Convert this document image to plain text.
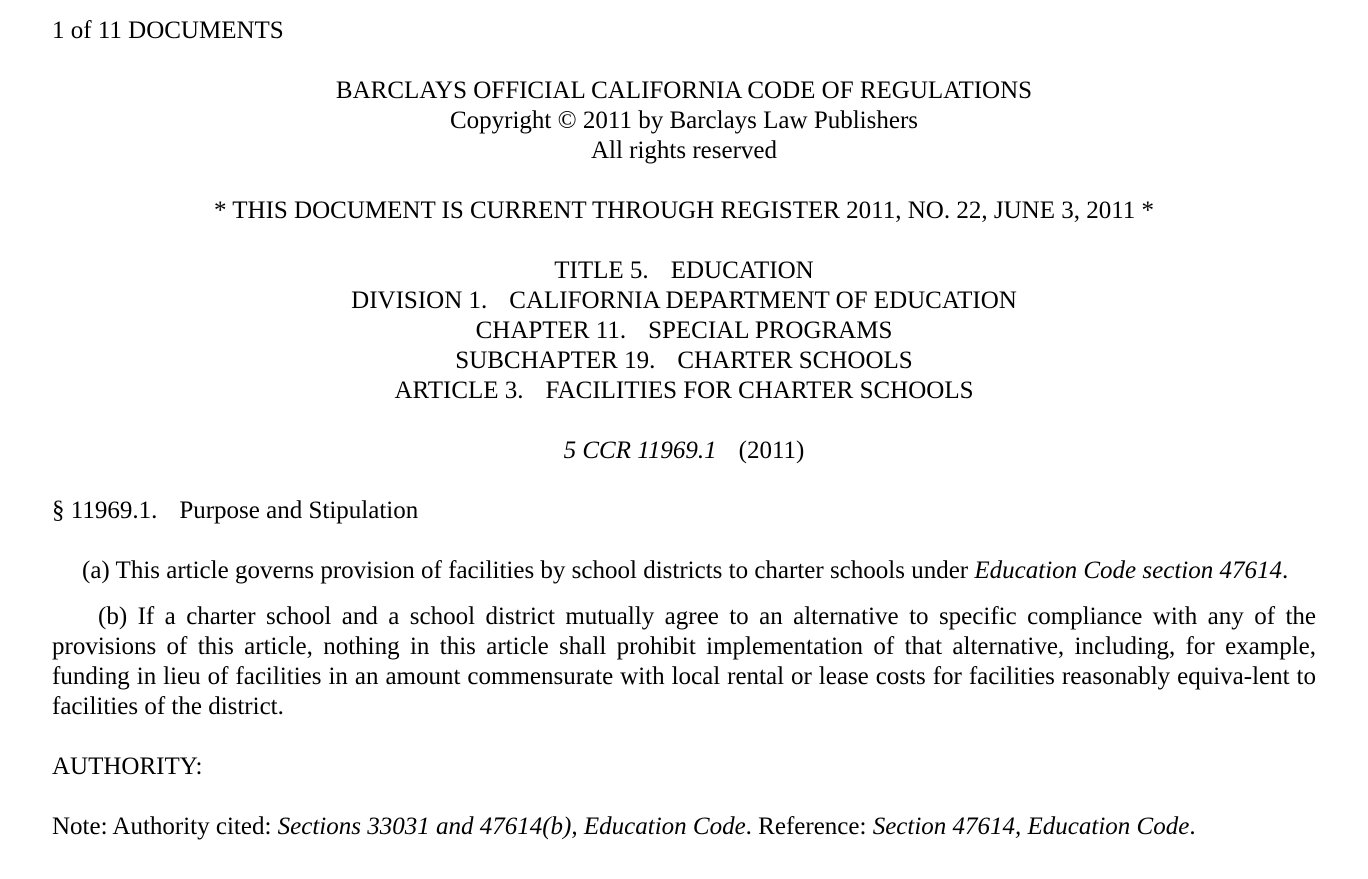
1 of 11 DOCUMENTS
BARCLAYS OFFICIAL CALIFORNIA CODE OF REGULATIONS
Copyright © 2011 by Barclays Law Publishers
All rights reserved
* THIS DOCUMENT IS CURRENT THROUGH REGISTER 2011, NO. 22, JUNE 3, 2011 *
TITLE 5. EDUCATION
DIVISION 1. CALIFORNIA DEPARTMENT OF EDUCATION
CHAPTER 11. SPECIAL PROGRAMS
SUBCHAPTER 19. CHARTER SCHOOLS
ARTICLE 3. FACILITIES FOR CHARTER SCHOOLS
5 CCR 11969.1 (2011)
§ 11969.1. Purpose and Stipulation
(a) This article governs provision of facilities by school districts to charter schools under Education Code section 47614.
(b) If a charter school and a school district mutually agree to an alternative to specific compliance with any of the provisions of this article, nothing in this article shall prohibit implementation of that alternative, including, for example, funding in lieu of facilities in an amount commensurate with local rental or lease costs for facilities reasonably equiva-lent to facilities of the district.
AUTHORITY:
Note: Authority cited: Sections 33031 and 47614(b), Education Code. Reference: Section 47614, Education Code.
